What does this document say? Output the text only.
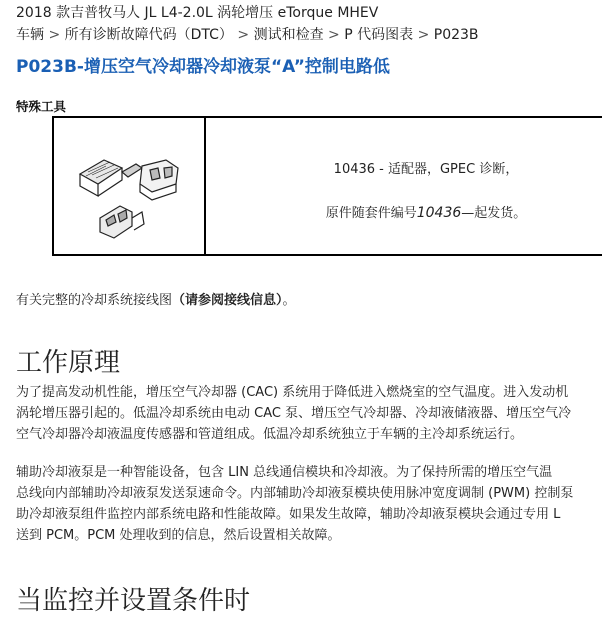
2018 款吉普牧马人 JL L4-2.0L 涡轮增压 eTorque MHEV
车辆 > 所有诊断故障代码（DTC） > 测试和检查 > P 代码图表 > P023B
P023B-增压空气冷却器冷却液泵“A”控制电路低
特殊工具
10436 - 适配器，GPEC 诊断，
原件随套件编号10436—起发货。
有关完整的冷却系统接线图（请参阅接线信息）。
工作原理
为了提高发动机性能，增压空气冷却器 (CAC) 系统用于降低进入燃烧室的空气温度。进入发动机
涡轮增压器引起的。低温冷却系统由电动 CAC 泵、增压空气冷却器、冷却液储液器、增压空气冷
空气冷却器冷却液温度传感器和管道组成。低温冷却系统独立于车辆的主冷却系统运行。
辅助冷却液泵是一种智能设备，包含 LIN 总线通信模块和冷却液。为了保持所需的增压空气温
总线向内部辅助冷却液泵发送泵速命令。内部辅助冷却液泵模块使用脉冲宽度调制 (PWM) 控制泵
助冷却液泵组件监控内部系统电路和性能故障。如果发生故障，辅助冷却液泵模块会通过专用 L
送到 PCM。PCM 处理收到的信息，然后设置相关故障。
当监控并设置条件时
